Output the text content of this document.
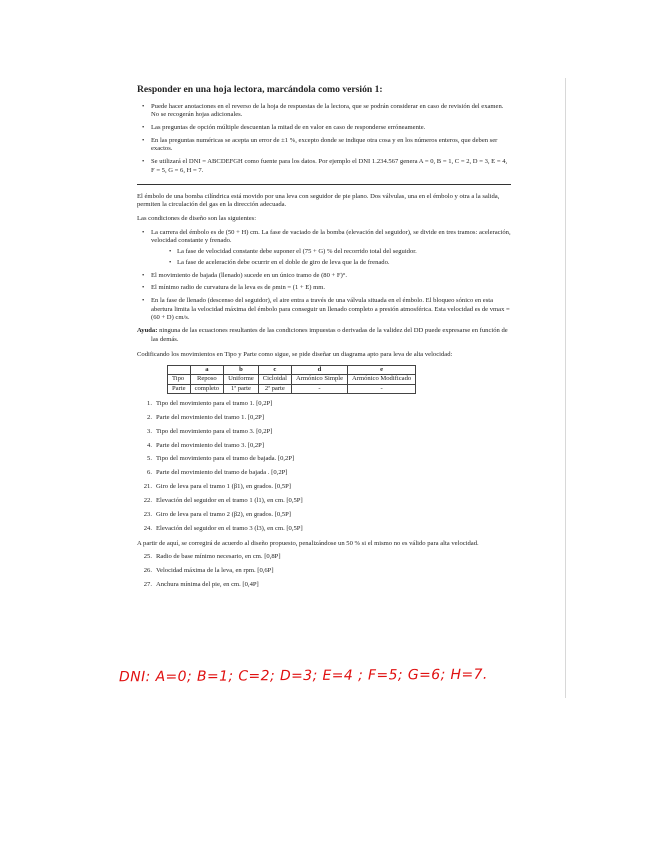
Responder en una hoja lectora, marcándola como versión 1:
• Puede hacer anotaciones en el reverso de la hoja de respuestas de la lectora, que se podrán considerar en caso de revisión del examen. No se recogerán hojas adicionales.
• Las preguntas de opción múltiple descuentan la mitad de en valor en caso de responderse erróneamente.
• En las preguntas numéricas se acepta un error de ±1 %, excepto donde se indique otra cosa y en los números enteros, que deben ser exactos.
• Se utilizará el DNI = ABCDEFGH como fuente para los datos. Por ejemplo el DNI 1.234.567 genera A = 0, B = 1, C = 2, D = 3, E = 4, F = 5, G = 6, H = 7.

El émbolo de una bomba cilíndrica está movido por una leva con seguidor de pie plano. Dos válvulas, una en el émbolo y otra a la salida, permiten la circulación del gas en la dirección adecuada.

Las condiciones de diseño son las siguientes:

• La carrera del émbolo es de (50 + H) cm. La fase de vaciado de la bomba (elevación del seguidor), se divide en tres tramos: aceleración, velocidad constante y frenado.
• La fase de velocidad constante debe suponer el (75 + G) % del recorrido total del seguidor.
• La fase de aceleración debe ocurrir en el doble de giro de leva que la de frenado.
• El movimiento de bajada (llenado) sucede en un único tramo de (80 + F)°.
• El mínimo radio de curvatura de la leva es de ρmin = (1 + E) mm.
• En la fase de llenado (descenso del seguidor), el aire entra a través de una válvula situada en el émbolo. El bloqueo sónico en esta abertura limita la velocidad máxima del émbolo para conseguir un llenado completo a presión atmosférica. Esta velocidad es de vmax = (60 + D) cm/s.

Ayuda: ninguna de las ecuaciones resultantes de las condiciones impuestas o derivadas de la validez del DD puede expresarse en función de las demás.

Codificando los movimientos en Tipo y Parte como sigue, se pide diseñar un diagrama apto para leva de alta velocidad:

	a	b	c	d	e
Tipo	Reposo	Uniforme	Cicloidal	Armónico Simple	Armónico Modificado
Parte	completo	1ª parte	2ª parte	-	-
1. Tipo del movimiento para el tramo 1. [0,2P]
2. Parte del movimiento del tramo 1. [0,2P]
3. Tipo del movimiento para el tramo 3. [0,2P]
4. Parte del movimiento del tramo 3. [0,2P]
5. Tipo del movimiento para el tramo de bajada. [0,2P]
6. Parte del movimiento del tramo de bajada . [0,2P]
21. Giro de leva para el tramo 1 (β1), en grados. [0,5P]
22. Elevación del seguidor en el tramo 1 (l1), en cm. [0,5P]
23. Giro de leva para el tramo 2 (β2), en grados. [0,5P]
24. Elevación del seguidor en el tramo 3 (l3), en cm. [0,5P]

A partir de aquí, se corregirá de acuerdo al diseño propuesto, penalizándose un 50 % si el mismo no es válido para alta velocidad.

25. Radio de base mínimo necesario, en cm. [0,8P]
26. Velocidad máxima de la leva, en rpm. [0,6P]
27. Anchura mínima del pie, en cm. [0,4P]
DNI: A=0; B=1; C=2; D=3; E=4 ; F=5; G=6; H=7.
